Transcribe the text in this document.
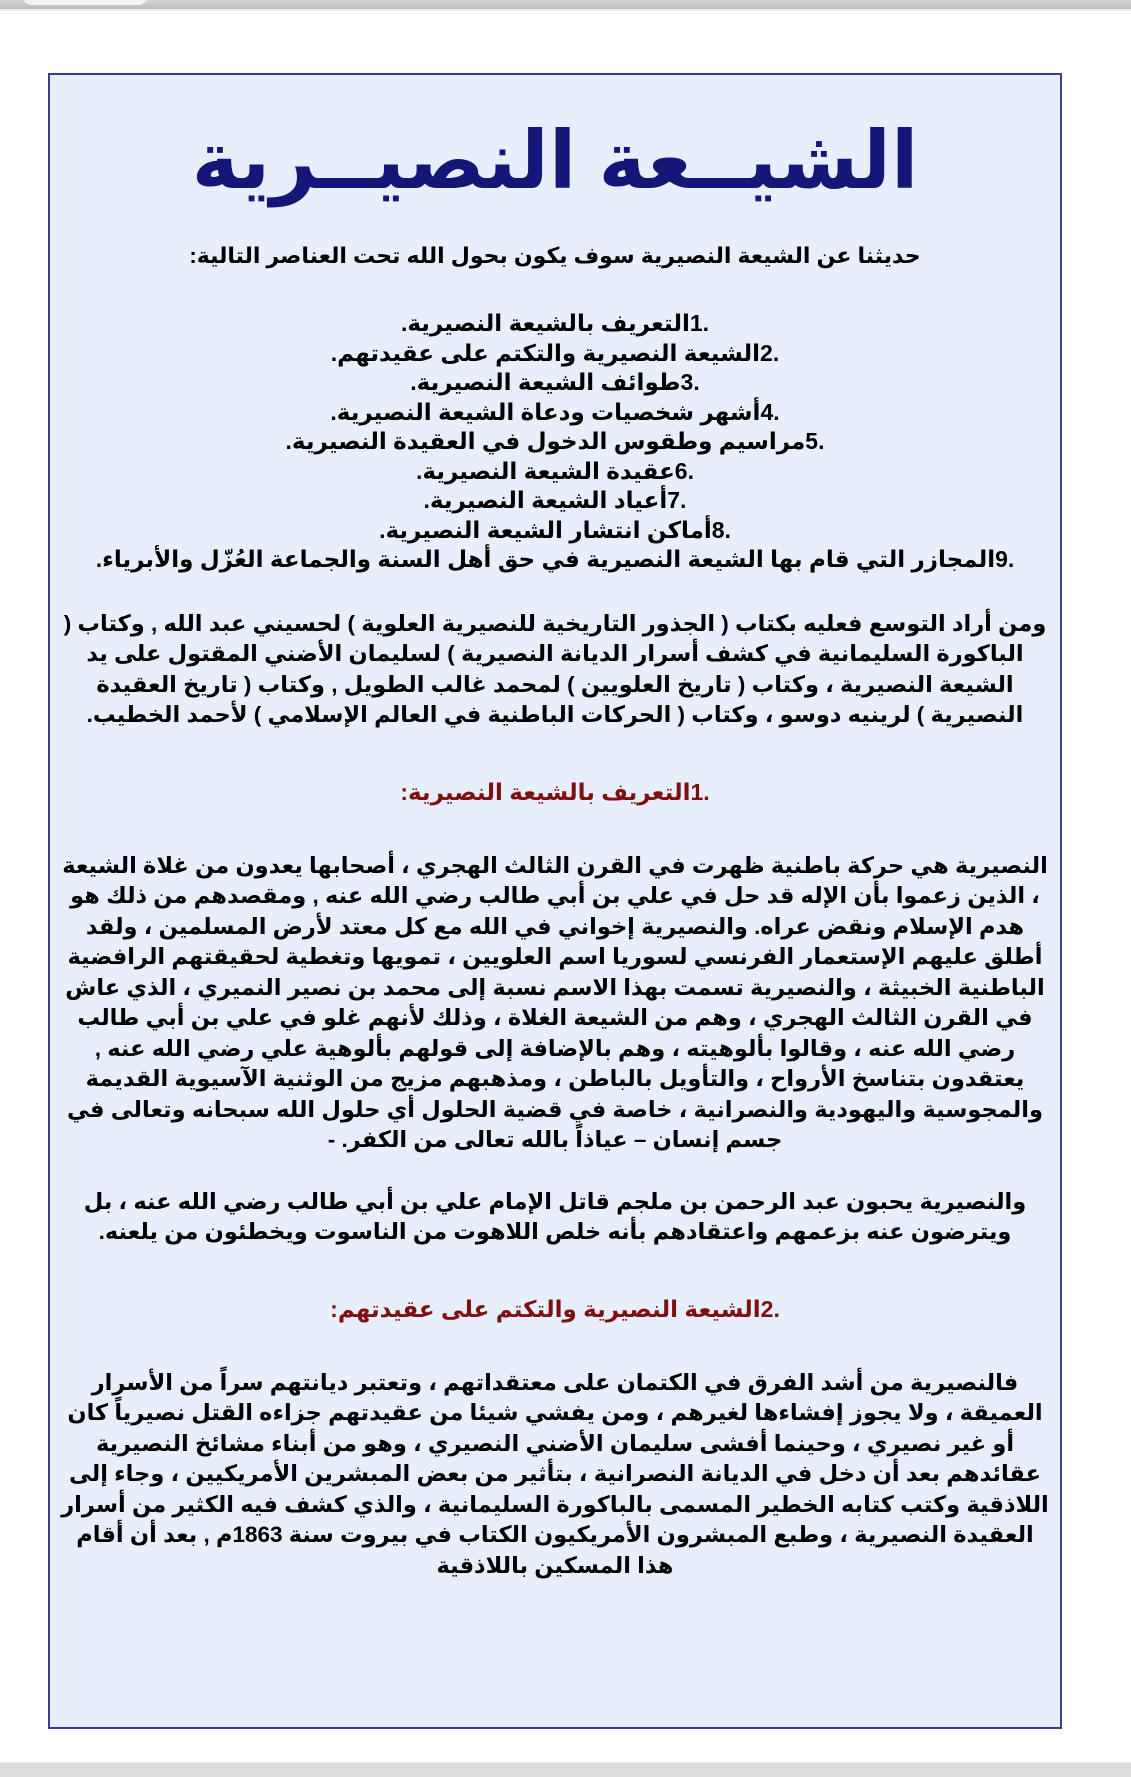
الشيــعة النصيــرية

حديثنا عن الشيعة النصيرية سوف يكون بحول الله تحت العناصر التالية:

.1التعريف بالشيعة النصيرية.
.2الشيعة النصيرية والتكتم على عقيدتهم.
.3طوائف الشيعة النصيرية.
.4أشهر شخصيات ودعاة الشيعة النصيرية.
.5مراسيم وطقوس الدخول في العقيدة النصيرية.
.6عقيدة الشيعة النصيرية.
.7أعياد الشيعة النصيرية.
.8أماكن انتشار الشيعة النصيرية.
.9المجازر التي قام بها الشيعة النصيرية في حق أهل السنة والجماعة العُزّل والأبرياء.

ومن أراد التوسع فعليه بكتاب ( الجذور التاريخية للنصيرية العلوية ) لحسيني عبد الله , وكتاب ( الباكورة السليمانية في كشف أسرار الديانة النصيرية ) لسليمان الأضني المقتول على يد الشيعة النصيرية ، وكتاب ( تاريخ العلويين ) لمحمد غالب الطويل , وكتاب ( تاريخ العقيدة النصيرية ) لرينيه دوسو ، وكتاب ( الحركات الباطنية في العالم الإسلامي ) لأحمد الخطيب.

.1التعريف بالشيعة النصيرية:

النصيرية هي حركة باطنية ظهرت في القرن الثالث الهجري ، أصحابها يعدون من غلاة الشيعة ، الذين زعموا بأن الإله قد حل في علي بن أبي طالب رضي الله عنه , ومقصدهم من ذلك هو هدم الإسلام ونقض عراه. والنصيرية إخواني في الله مع كل معتد لأرض المسلمين ، ولقد أطلق عليهم الإستعمار الفرنسي لسوريا اسم العلويين ، تمويها وتغطية لحقيقتهم الرافضية الباطنية الخبيثة ، والنصيرية تسمت بهذا الاسم نسبة إلى محمد بن نصير النميري ، الذي عاش في القرن الثالث الهجري ، وهم من الشيعة الغلاة ، وذلك لأنهم غلو في علي بن أبي طالب رضي الله عنه ، وقالوا بألوهيته ، وهم بالإضافة إلى قولهم بألوهية علي رضي الله عنه , يعتقدون بتناسخ الأرواح ، والتأويل بالباطن ، ومذهبهم مزيج من الوثنية الآسيوية القديمة والمجوسية واليهودية والنصرانية ، خاصة في قضية الحلول أي حلول الله سبحانه وتعالى في جسم إنسان – عياذاً بالله تعالى من الكفر. -

والنصيرية يحبون عبد الرحمن بن ملجم قاتل الإمام علي بن أبي طالب رضي الله عنه ، بل ويترضون عنه بزعمهم واعتقادهم بأنه خلص اللاهوت من الناسوت ويخطئون من يلعنه.

.2الشيعة النصيرية والتكتم على عقيدتهم:

فالنصيرية من أشد الفرق في الكتمان على معتقداتهم ، وتعتبر ديانتهم سراً من الأسرار العميقة ، ولا يجوز إفشاءها لغيرهم ، ومن يفشي شيئا من عقيدتهم جزاءه القتل نصيرياً كان أو غير نصيري ، وحينما أفشى سليمان الأضني النصيري ، وهو من أبناء مشائخ النصيرية عقائدهم بعد أن دخل في الديانة النصرانية ، بتأثير من بعض المبشرين الأمريكيين ، وجاء إلى اللاذقية وكتب كتابه الخطير المسمى بالباكورة السليمانية ، والذي كشف فيه الكثير من أسرار العقيدة النصيرية ، وطبع المبشرون الأمريكيون الكتاب في بيروت سنة 1863م , بعد أن أقام هذا المسكين باللاذقية
